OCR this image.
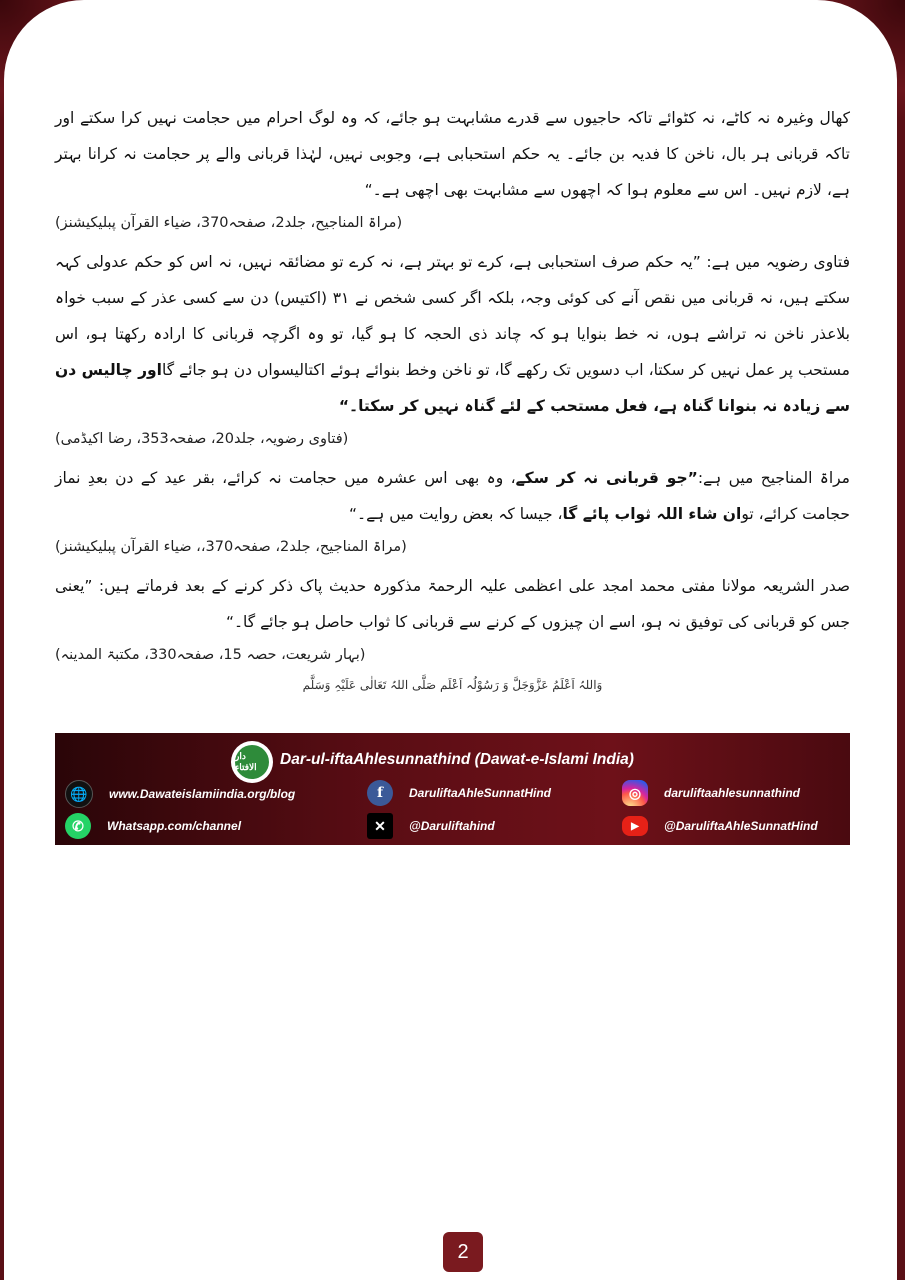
کھال وغیرہ نہ کاٹے، نہ کٹوائے تاکہ حاجیوں سے قدرے مشابہت ہو جائے، کہ وہ لوگ احرام میں حجامت نہیں کرا سکتے اور تاکہ قربانی ہر بال، ناخن کا فدیہ بن جائے۔ یہ حکم استحبابی ہے، وجوبی نہیں، لہٰذا قربانی والے پر حجامت نہ کرانا بہتر ہے، لازم نہیں۔ اس سے معلوم ہوا کہ اچھوں سے مشابہت بھی اچھی ہے۔“

(مراۃ المناجیح، جلد2، صفحہ370، ضیاء القرآن پبلیکیشنز)

فتاوی رضویہ میں ہے: ”یہ حکم صرف استحبابی ہے، کرے تو بہتر ہے، نہ کرے تو مضائقہ نہیں، نہ اس کو حکم عدولی کہہ سکتے ہیں، نہ قربانی میں نقص آنے کی کوئی وجہ، بلکہ اگر کسی شخص نے ۳۱ (اکتیس) دن سے کسی عذر کے سبب خواہ بلاعذر ناخن نہ تراشے ہوں، نہ خط بنوایا ہو کہ چاند ذی الحجہ کا ہو گیا، تو وہ اگرچہ قربانی کا ارادہ رکھتا ہو، اس مستحب پر عمل نہیں کر سکتا، اب دسویں تک رکھے گا، تو ناخن وخط بنوائے ہوئے اکتالیسواں دن ہو جائے گااور چالیس دن سے زیادہ نہ بنوانا گناہ ہے، فعل مستحب کے لئے گناہ نہیں کر سکتا۔“

(فتاوی رضویہ، جلد20، صفحہ353، رضا اکیڈمی)

مراۃ المناجیح میں ہے:”جو قربانی نہ کر سکے، وہ بھی اس عشرہ میں حجامت نہ کرائے، بقر عید کے دن بعدِ نماز حجامت کرائے، توان شاء اللہ ثواب پائے گا، جیسا کہ بعض روایت میں ہے۔“

(مراۃ المناجیح، جلد2، صفحہ370،، ضیاء القرآن پبلیکیشنز)

صدر الشریعہ مولانا مفتی محمد امجد علی اعظمی علیہ الرحمۃ مذکورہ حدیث پاک ذکر کرنے کے بعد فرماتے ہیں: ”یعنی جس کو قربانی کی توفیق نہ ہو، اسے ان چیزوں کے کرنے سے قربانی کا ثواب حاصل ہو جائے گا۔“

(بہار شریعت، حصہ 15، صفحہ330، مکتبۃ المدینہ)

وَاللہُ اَعْلَمُ عَزَّوَجَلَّ وَ رَسُوْلُہ اَعْلَم صَلَّی اللہُ تَعَالٰی عَلَیْہِ وَسَلَّم
دار الافتاء	Dar-ul-iftaAhlesunnathind (Dawat-e-Islami India)
🌐	www.Dawateislamiindia.org/blog
✆	Whatsapp.com/channel
f	DaruliftaAhleSunnatHind
✕	@Daruliftahind
◎	daruliftaahlesunnathind
▶	@DaruliftaAhleSunnatHind
2
